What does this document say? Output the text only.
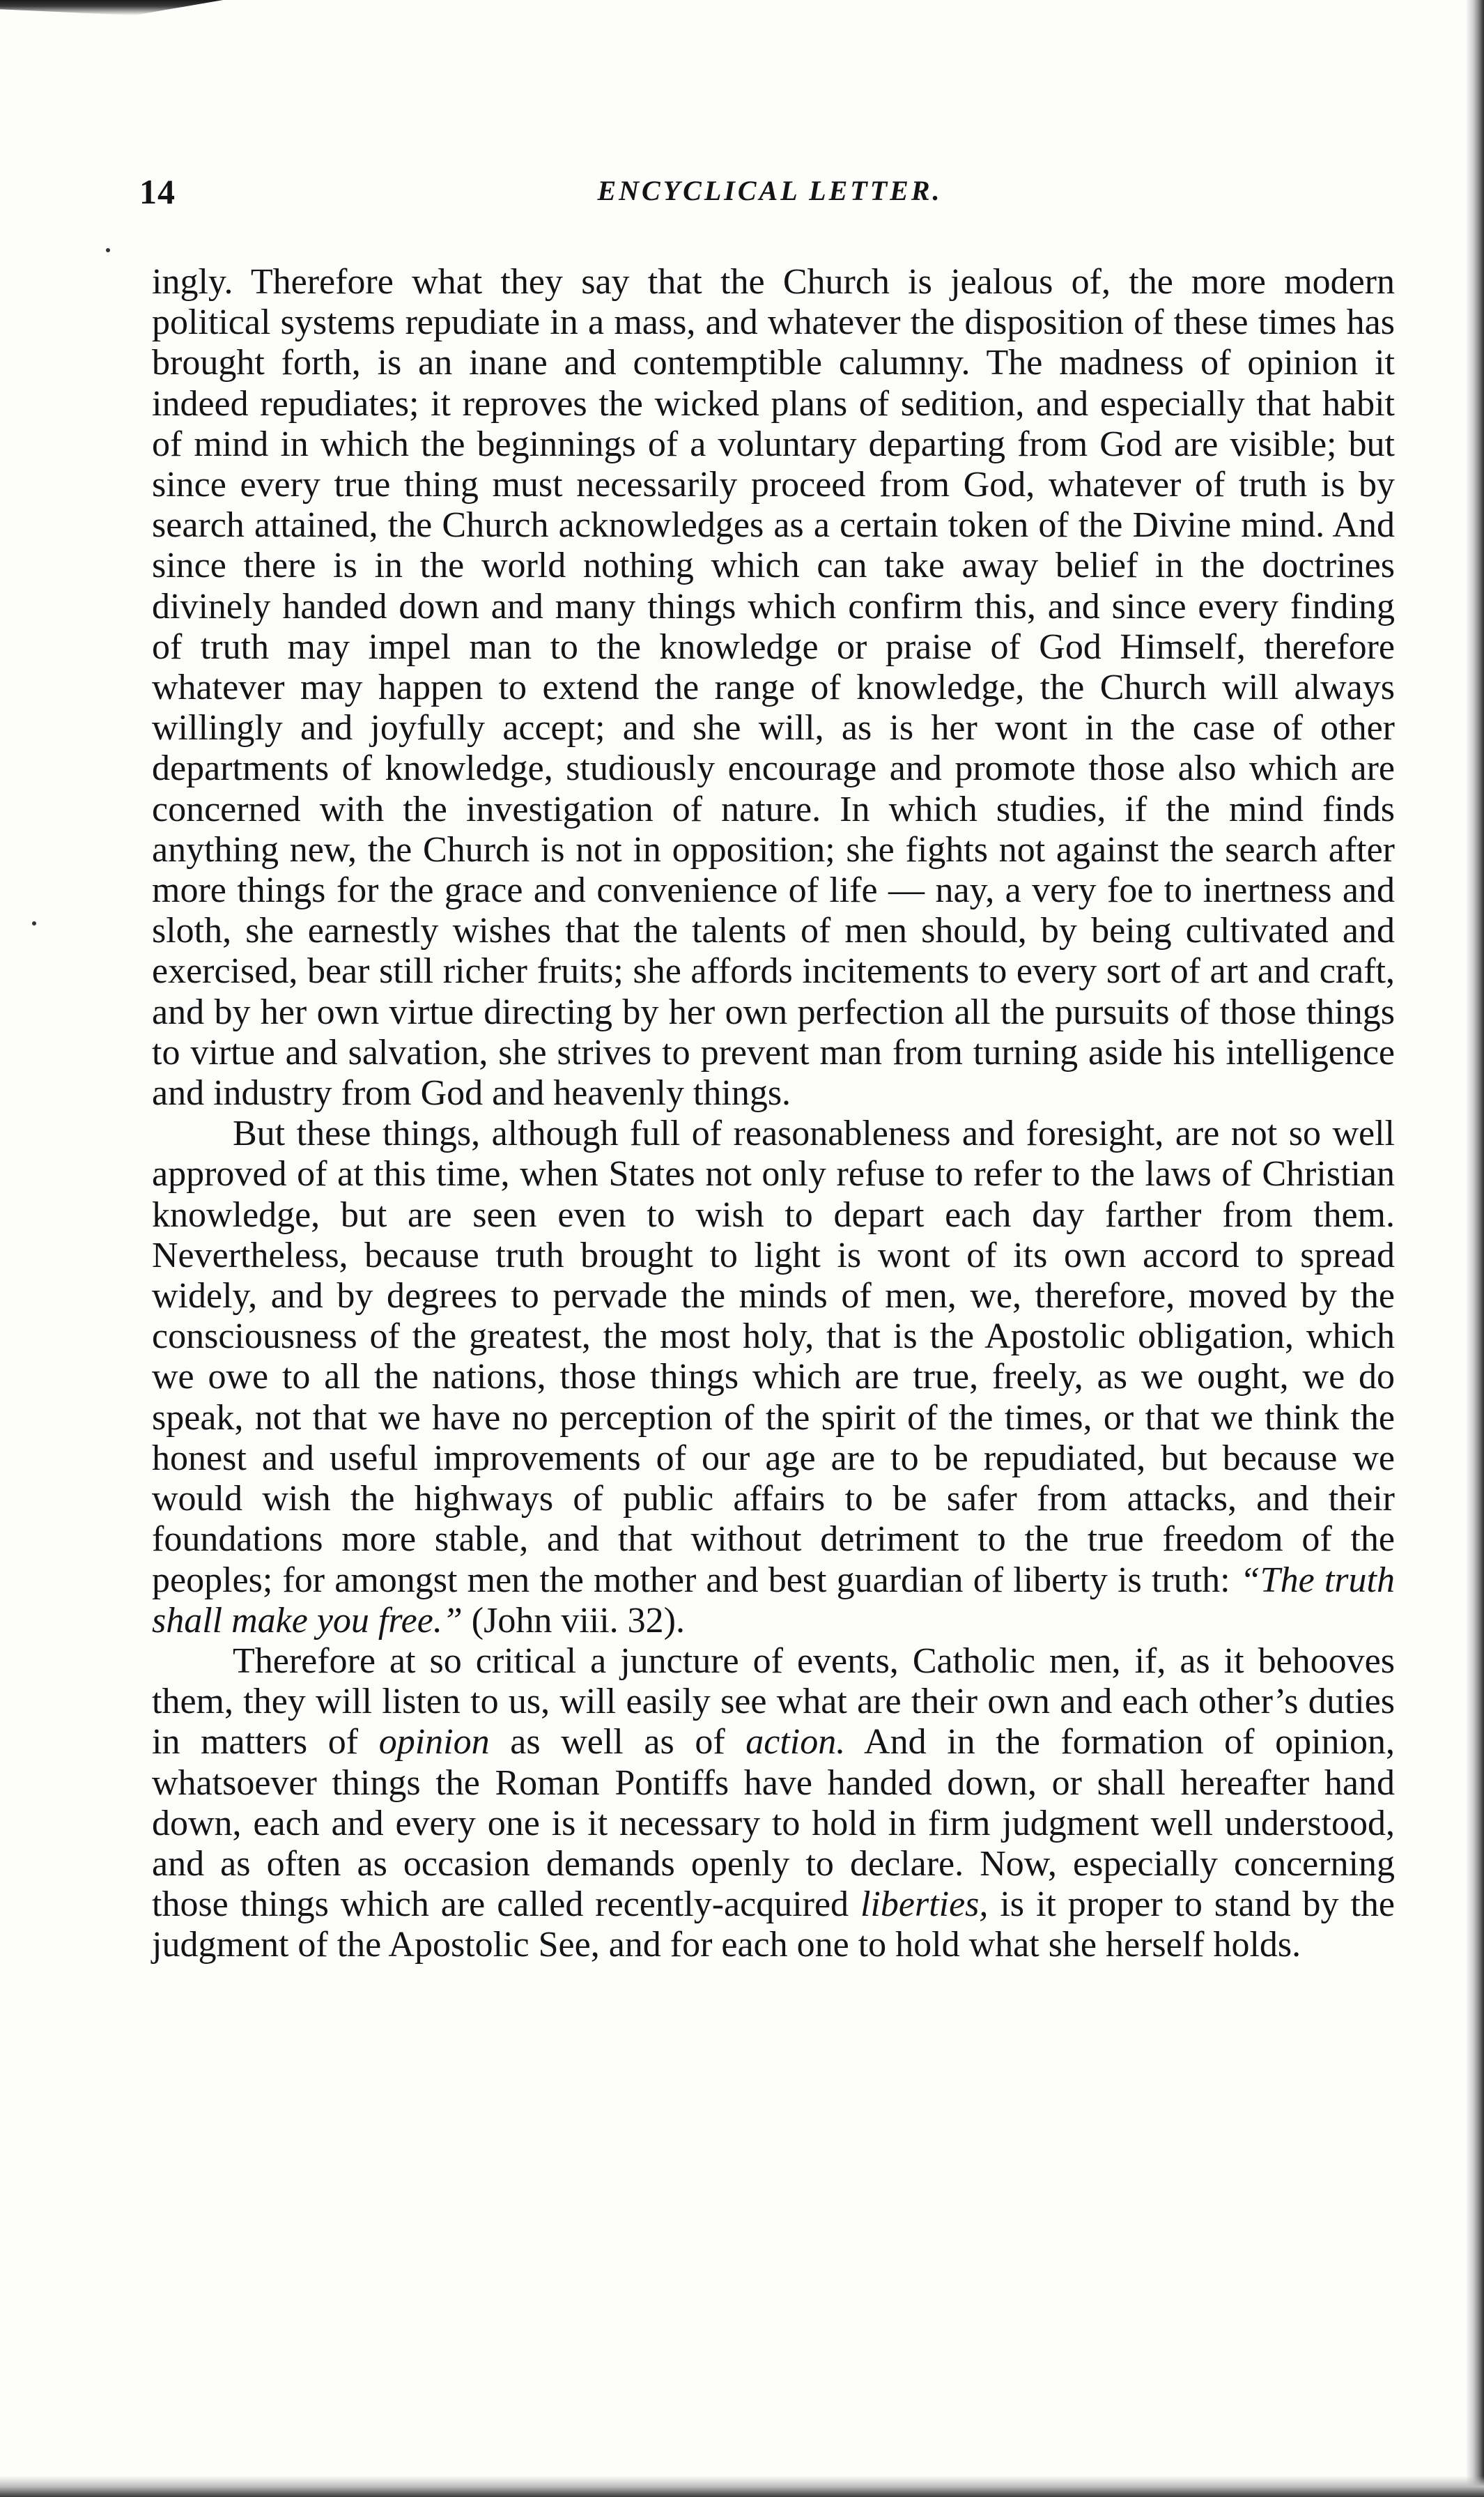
14	ENCYCLICAL LETTER.

ingly. Therefore what they say that the Church is jealous of, the more modern political systems repudiate in a mass, and whatever the disposition of these times has brought forth, is an inane and contemptible calumny. The madness of opinion it indeed repudiates; it reproves the wicked plans of sedition, and especially that habit of mind in which the beginnings of a voluntary departing from God are visible; but since every true thing must necessarily proceed from God, whatever of truth is by search attained, the Church acknowledges as a certain token of the Divine mind. And since there is in the world nothing which can take away belief in the doctrines divinely handed down and many things which confirm this, and since every finding of truth may impel man to the knowledge or praise of God Himself, therefore whatever may happen to extend the range of knowledge, the Church will always willingly and joyfully accept; and she will, as is her wont in the case of other departments of knowledge, studiously encourage and promote those also which are concerned with the investigation of nature. In which studies, if the mind finds anything new, the Church is not in opposition; she fights not against the search after more things for the grace and convenience of life — nay, a very foe to inertness and sloth, she earnestly wishes that the talents of men should, by being cultivated and exercised, bear still richer fruits; she affords incitements to every sort of art and craft, and by her own virtue directing by her own perfection all the pursuits of those things to virtue and salvation, she strives to prevent man from turning aside his intelligence and industry from God and heavenly things.

But these things, although full of reasonableness and foresight, are not so well approved of at this time, when States not only refuse to refer to the laws of Christian knowledge, but are seen even to wish to depart each day farther from them. Nevertheless, because truth brought to light is wont of its own accord to spread widely, and by degrees to pervade the minds of men, we, therefore, moved by the consciousness of the greatest, the most holy, that is the Apostolic obligation, which we owe to all the nations, those things which are true, freely, as we ought, we do speak, not that we have no perception of the spirit of the times, or that we think the honest and useful improvements of our age are to be repudiated, but because we would wish the highways of public affairs to be safer from attacks, and their foundations more stable, and that without detriment to the true freedom of the peoples; for amongst men the mother and best guardian of liberty is truth: “The truth shall make you free.” (John viii. 32).

Therefore at so critical a juncture of events, Catholic men, if, as it behooves them, they will listen to us, will easily see what are their own and each other’s duties in matters of opinion as well as of action. And in the formation of opinion, whatsoever things the Roman Pontiffs have handed down, or shall hereafter hand down, each and every one is it necessary to hold in firm judgment well understood, and as often as occasion demands openly to declare. Now, especially concerning those things which are called recently-acquired liberties, is it proper to stand by the judgment of the Apostolic See, and for each one to hold what she herself holds.
